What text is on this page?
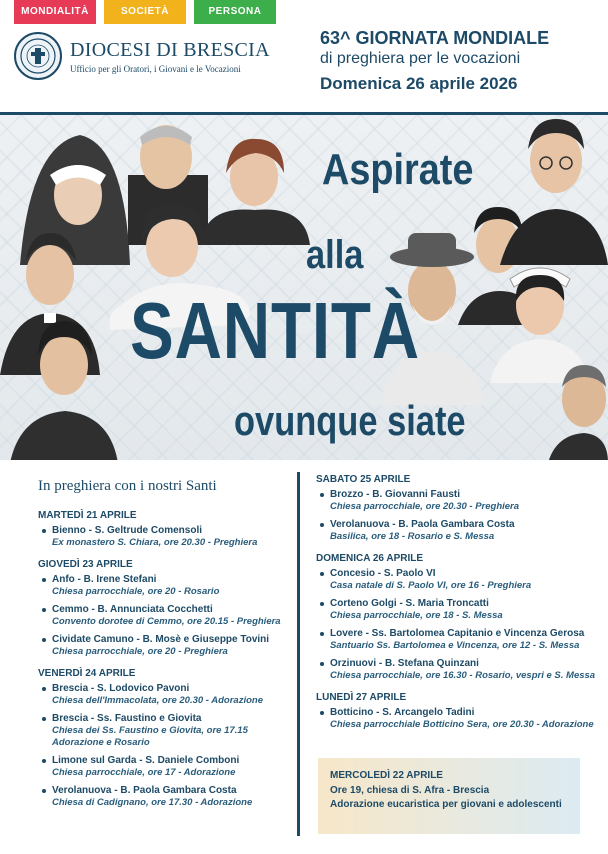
MONDIALITÀ	SOCIETÀ	PERSONA
DIOCESI DI BRESCIA
Ufficio per gli Oratori, i Giovani e le Vocazioni
63^ GIORNATA MONDIALE
di preghiera per le vocazioni
Domenica 26 aprile 2026
Aspirate
alla
SANTITÀ
ovunque siate
In preghiera con i nostri Santi
MARTEDÌ 21 APRILE
Bienno - S. Geltrude Comensoli
Ex monastero S. Chiara, ore 20.30 - Preghiera
GIOVEDÌ 23 APRILE
Anfo - B. Irene Stefani
Chiesa parrocchiale, ore 20 - Rosario
Cemmo - B. Annunciata Cocchetti
Convento dorotee di Cemmo, ore 20.15 - Preghiera
Cividate Camuno - B. Mosè e Giuseppe Tovini
Chiesa parrocchiale, ore 20 - Preghiera
VENERDÌ 24 APRILE
Brescia - S. Lodovico Pavoni
Chiesa dell'Immacolata, ore 20.30 - Adorazione
Brescia - Ss. Faustino e Giovita
Chiesa dei Ss. Faustino e Giovita, ore 17.15 Adorazione e Rosario
Limone sul Garda - S. Daniele Comboni
Chiesa parrocchiale, ore 17 - Adorazione
Verolanuova - B. Paola Gambara Costa
Chiesa di Cadignano, ore 17.30 - Adorazione
SABATO 25 APRILE
Brozzo - B. Giovanni Fausti
Chiesa parrocchiale, ore 20.30 - Preghiera
Verolanuova - B. Paola Gambara Costa
Basilica, ore 18 - Rosario e S. Messa
DOMENICA 26 APRILE
Concesio - S. Paolo VI
Casa natale di S. Paolo VI, ore 16 - Preghiera
Corteno Golgi - S. Maria Troncatti
Chiesa parrocchiale, ore 18 - S. Messa
Lovere - Ss. Bartolomea Capitanio e Vincenza Gerosa
Santuario Ss. Bartolomea e Vincenza, ore 12 - S. Messa
Orzinuovi - B. Stefana Quinzani
Chiesa parrocchiale, ore 16.30 - Rosario, vespri e S. Messa
LUNEDÌ 27 APRILE
Botticino - S. Arcangelo Tadini
Chiesa parrocchiale Botticino Sera, ore 20.30 - Adorazione
MERCOLEDÌ 22 APRILE
Ore 19, chiesa di S. Afra - Brescia
Adorazione eucaristica per giovani e adolescenti
